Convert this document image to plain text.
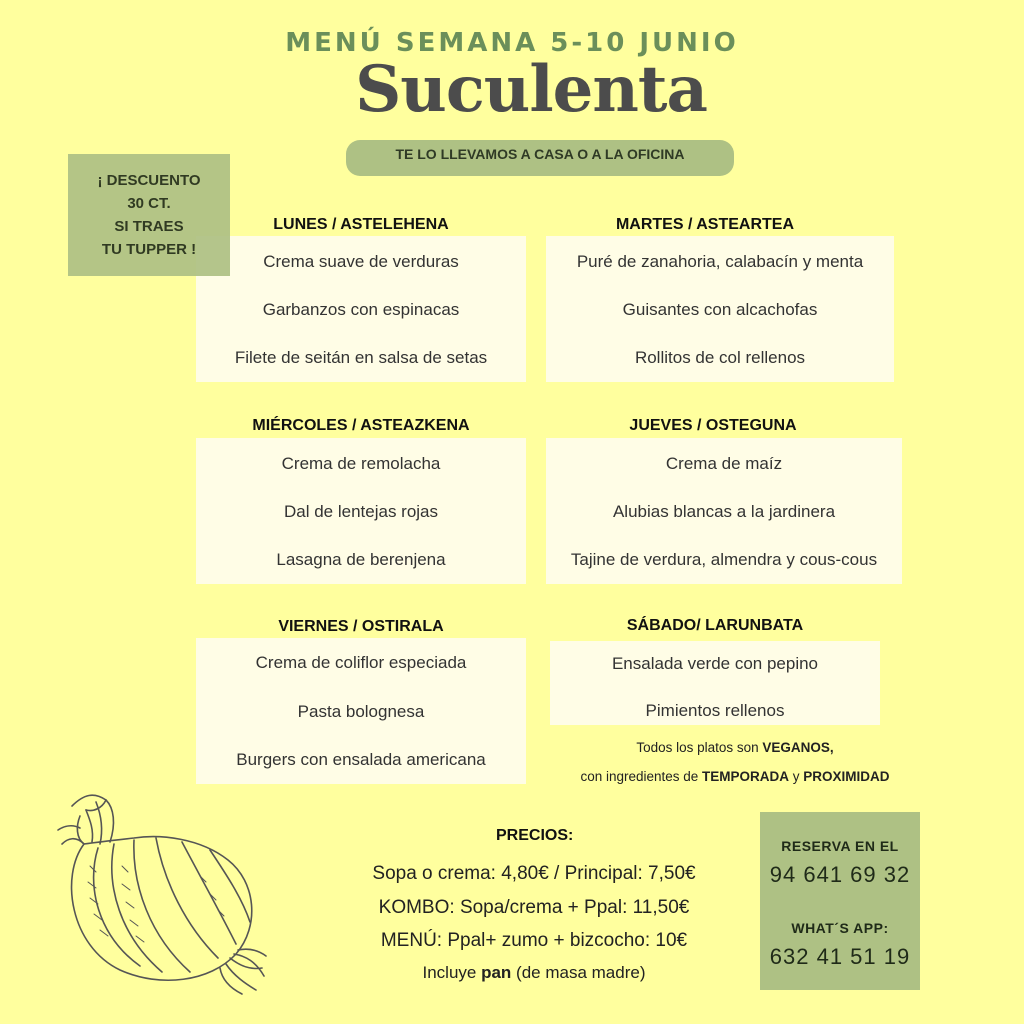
MENÚ SEMANA 5-10 JUNIO
Suculenta
TE LO LLEVAMOS A CASA O A LA OFICINA
LUNES / ASTELEHENA
Crema suave de verduras
Garbanzos con espinacas
Filete de seitán en salsa de setas
MARTES / ASTEARTEA
Puré de zanahoria, calabacín y menta
Guisantes con alcachofas
Rollitos de col rellenos
MIÉRCOLES / ASTEAZKENA
Crema de remolacha
Dal de lentejas rojas
Lasagna de berenjena
JUEVES / OSTEGUNA
Crema de maíz
Alubias blancas a la jardinera
Tajine de verdura, almendra y cous-cous
VIERNES / OSTIRALA
Crema de coliflor especiada
Pasta bolognesa
Burgers con ensalada americana
SÁBADO/ LARUNBATA
Ensalada verde con pepino
Pimientos rellenos
Todos los platos son VEGANOS,
con ingredientes de TEMPORADA y PROXIMIDAD
¡ DESCUENTO
30 CT.
SI TRAES
TU TUPPER !
PRECIOS:
Sopa o crema: 4,80€ / Principal: 7,50€
KOMBO: Sopa/crema + Ppal: 11,50€
MENÚ: Ppal+ zumo + bizcocho: 10€
Incluye pan (de masa madre)
RESERVA EN EL
94 641 69 32
WHAT´S APP:
632 41 51 19
